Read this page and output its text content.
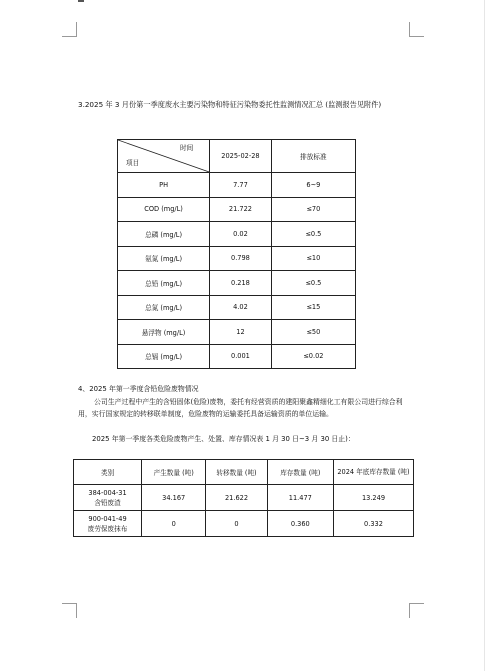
3.2025 年 3 月份第一季度废水主要污染物和特征污染物委托性监测情况汇总 (监测报告见附件)
时间
项目	2025-02-28	排放标准
PH	7.77	6~9
COD (mg/L)	21.722	≤70
总磷 (mg/L)	0.02	≤0.5
氨氮 (mg/L)	0.798	≤10
总铅 (mg/L)	0.218	≤0.5
总氮 (mg/L)	4.02	≤15
悬浮物 (mg/L)	12	≤50
总镉 (mg/L)	0.001	≤0.02
4、2025 年第一季度含铅危险废物情况
公司生产过程中产生的含铅固体(危险)废物，委托有经营资质的建阳聚鑫精细化工有限公司进行综合利用，实行国家规定的转移联单制度，危险废物的运输委托具备运输资质的单位运输。
2025 年第一季度各类危险废物产生、处置、库存情况表 1 月 30 日~3 月 30 日止)：
类别	产生数量 (吨)	转移数量 (吨)	库存数量 (吨)	2024 年底库存数量 (吨)

384-004-31
含铅废渣	34.167	21.622	11.477	13.249

900-041-49
废劳保废抹布	0	0	0.360	0.332
